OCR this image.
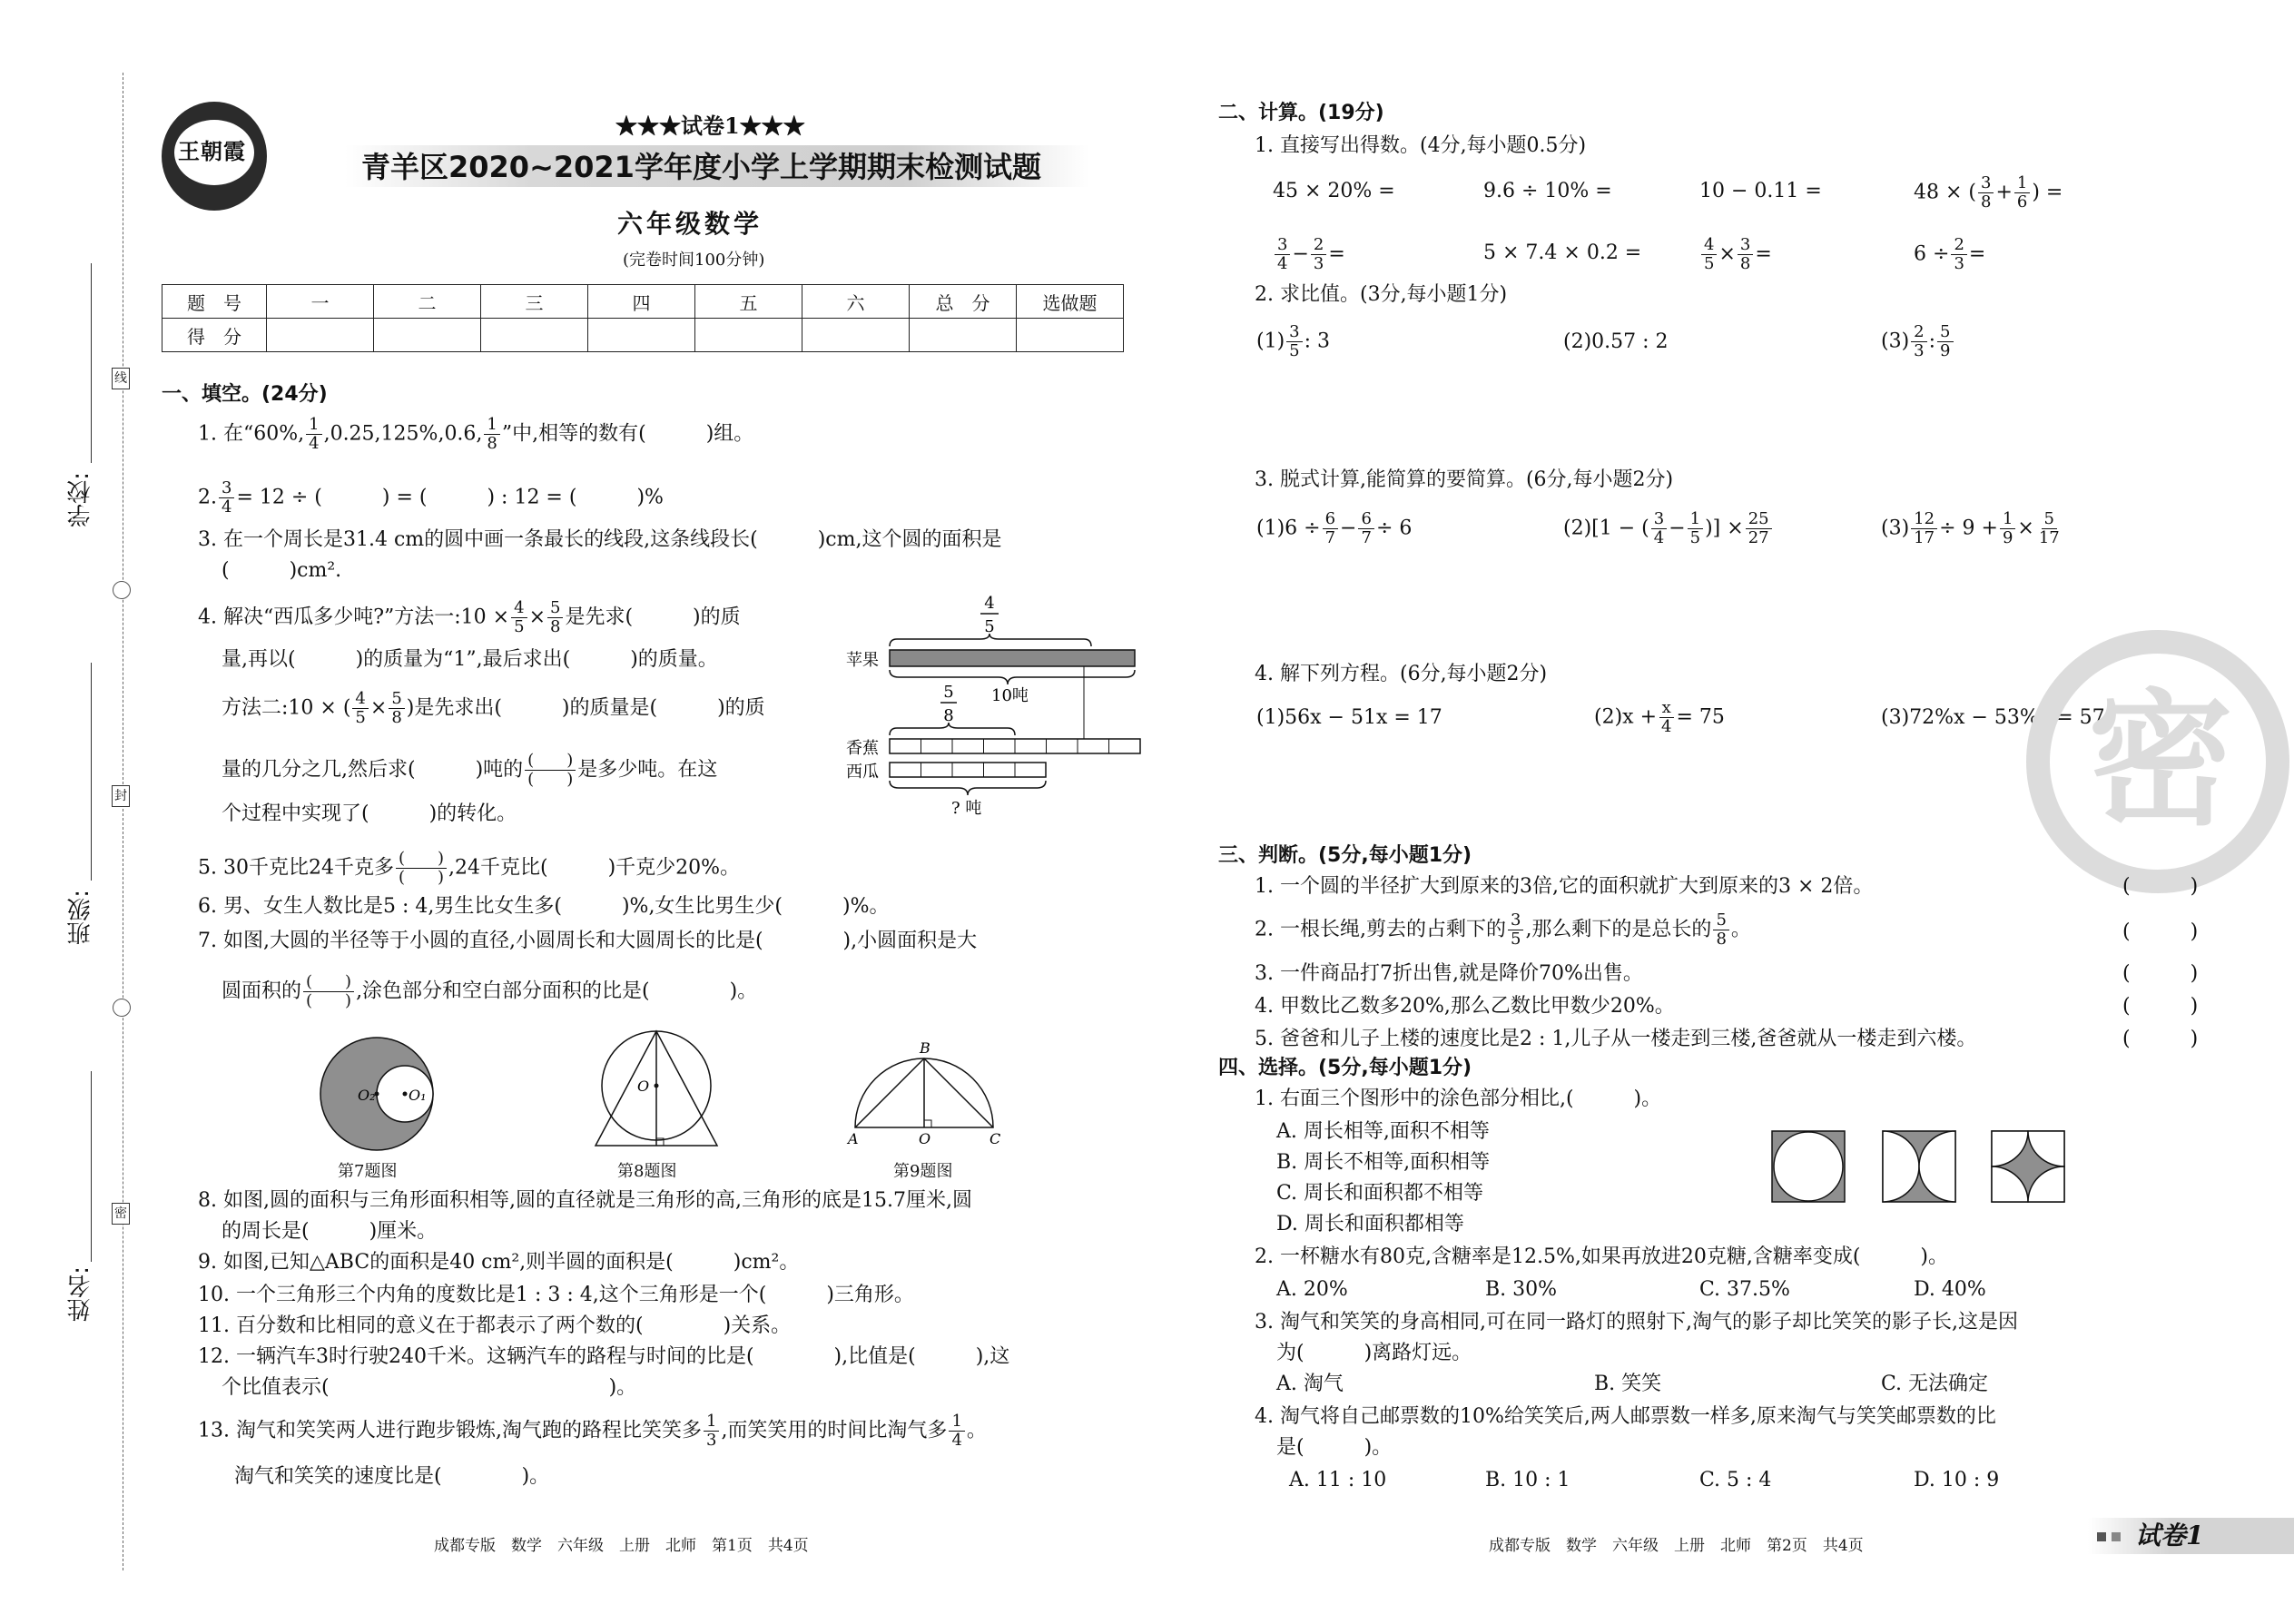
学校:
班级:
姓名:
线
封
密
王朝霞
★★★试卷1★★★
青羊区2020~2021学年度小学上学期期末检测试题
六年级数学
(完卷时间100分钟)
题　号	一	二	三	四	五	六	总　分	选做题
得　分								
一、填空。(24分)
1. 在“60%, $\frac{1}{4} ,0.25,125\%,0.6$, $\frac{1}{8}$ ”中,相等的数有(　　　)组。
2. $\frac{3}{4} = 12$ ÷ (　　　) = (　　　) : 12 = (　　　)%
3. 在一个周长是31.4 cm的圆中画一条最长的线段,这条线段长(　　　)cm,这个圆的面积是
(　　　)cm².
4. 解决“西瓜多少吨?”方法一:10 × $\frac{4}{5} \times \frac{5}{8}$ 是先求(　　　)的质
量,再以(　　　)的质量为“1”,最后求出(　　　)的质量。
方法二:10 × ( $\frac{4}{5} \times \frac{5}{8}$ )是先求出(　　　)的质量是(　　　)的质
量的几分之几,然后求(　　　)吨的 $\frac{( )}{( )}$ 是多少吨。在这
个过程中实现了(　　　)的转化。
4
5
苹果
10吨
5
8
香蕉
西瓜
? 吨
5. 30千克比24千克多 $\frac{( )}{( )} ,24$千克比(　　　)千克少20%。
6. 男、女生人数比是5 : 4,男生比女生多(　　　)%,女生比男生少(　　　)%。
7. 如图,大圆的半径等于小圆的直径,小圆周长和大圆周长的比是(　　　　),小圆面积是大
圆面积的 $\frac{( )}{( )}$ ,涂色部分和空白部分面积的比是(　　　　)。
O₂ O₁
第7题图
O
第8题图
B
A	O	C
第9题图
8. 如图,圆的面积与三角形面积相等,圆的直径就是三角形的高,三角形的底是15.7厘米,圆
的周长是(　　　)厘米。
9. 如图,已知△ABC的面积是40 cm²,则半圆的面积是(　　　)cm²。
10. 一个三角形三个内角的度数比是1 : 3 : 4,这个三角形是一个(　　　)三角形。
11. 百分数和比相同的意义在于都表示了两个数的(　　　　)关系。
12. 一辆汽车3时行驶240千米。这辆汽车的路程与时间的比是(　　　　),比值是(　　　),这
个比值表示(　　　　　　　　　　　　　　)。
13. 淘气和笑笑两人进行跑步锻炼,淘气跑的路程比笑笑多 $\frac{1}{3}$ ,而笑笑用的时间比淘气多 $\frac{1}{4}$ 。
淘气和笑笑的速度比是(　　　　)。
成都专版　数学　六年级　上册　北师　第1页　共4页
二、计算。(19分)
1. 直接写出得数。(4分,每小题0.5分)
45 × 20% =	9.6 ÷ 10% =	10 − 0.11 =	48 × ( $\frac{3}{8} + \frac{1}{6}$ ) =
$\frac{3}{4} - \frac{2}{3}$ =	5 × 7.4 × 0.2 =	$\frac{4}{5} \times \frac{3}{8}$ =	$6 \div \frac{2}{3}$ =
2. 求比值。(3分,每小题1分)
$(1) \frac{3}{5}$ : 3	(2)0.57 : 2	$(3) \frac{2}{3}$ : $\frac{5}{9}$
3. 脱式计算,能简算的要简算。(6分,每小题2分)
$(1)6 \div \frac{6}{7} - \frac{6}{7} \div 6$	(2)[1 − ( $\frac{3}{4} - \frac{1}{5}$ )] × $\frac{25}{27}$	$(3) \frac{12}{17} \div 9 + \frac{1}{9} \times \frac{5}{17}$
4. 解下列方程。(6分,每小题2分)
(1)56x − 51x = 17	$(2)x + \frac{x}{4} = 75$	(3)72%x − 53%x = 57
密
三、判断。(5分,每小题1分)
1. 一个圆的半径扩大到原来的3倍,它的面积就扩大到原来的3 × 2倍。
2. 一根长绳,剪去的占剩下的 $\frac{3}{5}$ ,那么剩下的是总长的 $\frac{5}{8}$ 。
3. 一件商品打7折出售,就是降价70%出售。
4. 甲数比乙数多20%,那么乙数比甲数少20%。
5. 爸爸和儿子上楼的速度比是2 : 1,儿子从一楼走到三楼,爸爸就从一楼走到六楼。
(　　　)
(　　　)
(　　　)
(　　　)
(　　　)
四、选择。(5分,每小题1分)
1. 右面三个图形中的涂色部分相比,(　　　)。
A. 周长相等,面积不相等
B. 周长不相等,面积相等
C. 周长和面积都不相等
D. 周长和面积都相等
2. 一杯糖水有80克,含糖率是12.5%,如果再放进20克糖,含糖率变成(　　　)。
A. 20%	B. 30%	C. 37.5%	D. 40%
3. 淘气和笑笑的身高相同,可在同一路灯的照射下,淘气的影子却比笑笑的影子长,这是因
为(　　　)离路灯远。
A. 淘气	B. 笑笑	C. 无法确定
4. 淘气将自己邮票数的10%给笑笑后,两人邮票数一样多,原来淘气与笑笑邮票数的比
是(　　　)。
A. 11 : 10	B. 10 : 1	C. 5 : 4	D. 10 : 9
成都专版　数学　六年级　上册　北师　第2页　共4页	试卷1
